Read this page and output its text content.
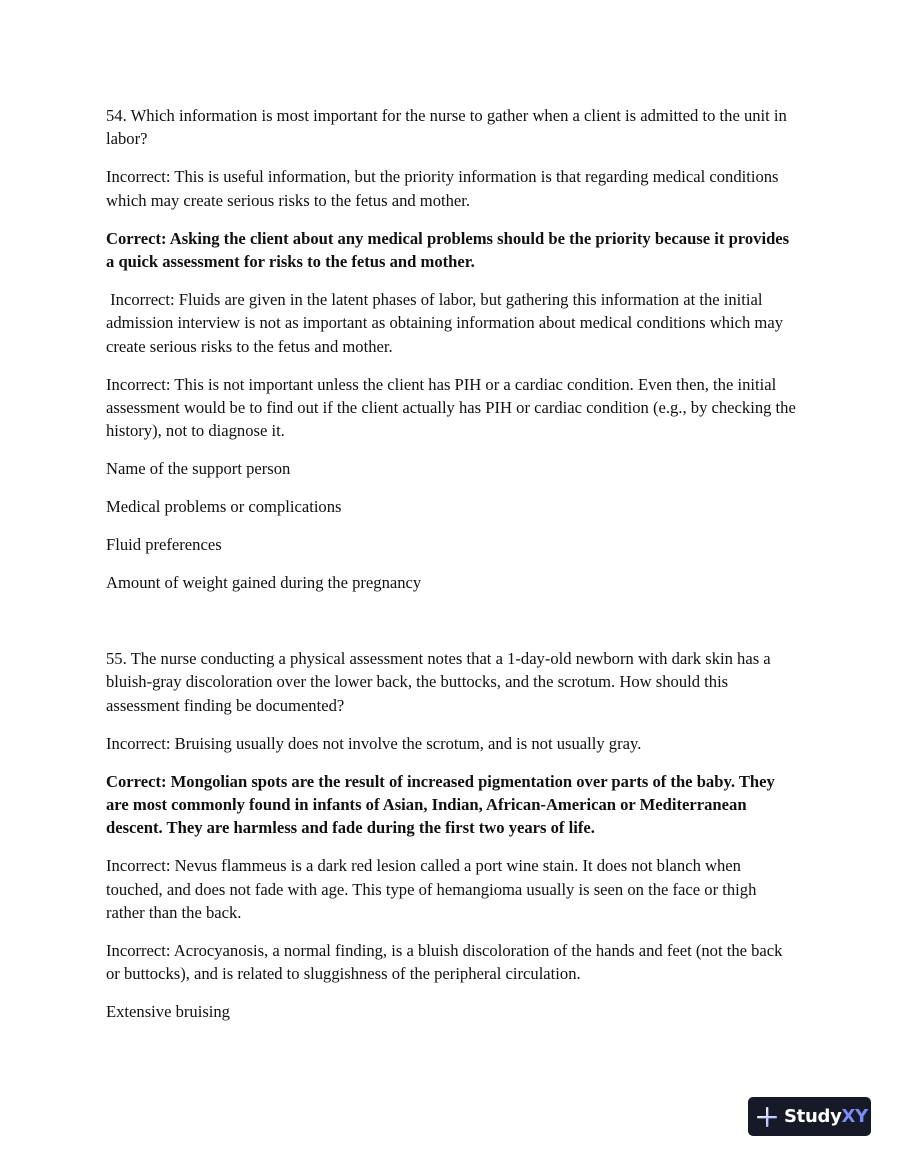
54. Which information is most important for the nurse to gather when a client is admitted to the unit in labor?

Incorrect: This is useful information, but the priority information is that regarding medical conditions which may create serious risks to the fetus and mother.

Correct: Asking the client about any medical problems should be the priority because it provides a quick assessment for risks to the fetus and mother.

Incorrect: Fluids are given in the latent phases of labor, but gathering this information at the initial admission interview is not as important as obtaining information about medical conditions which may create serious risks to the fetus and mother.

Incorrect: This is not important unless the client has PIH or a cardiac condition. Even then, the initial assessment would be to find out if the client actually has PIH or cardiac condition (e.g., by checking the history), not to diagnose it.

Name of the support person

Medical problems or complications

Fluid preferences

Amount of weight gained during the pregnancy

55. The nurse conducting a physical assessment notes that a 1-day-old newborn with dark skin has a bluish-gray discoloration over the lower back, the buttocks, and the scrotum. How should this assessment finding be documented?

Incorrect: Bruising usually does not involve the scrotum, and is not usually gray.

Correct: Mongolian spots are the result of increased pigmentation over parts of the baby. They are most commonly found in infants of Asian, Indian, African-American or Mediterranean descent. They are harmless and fade during the first two years of life.

Incorrect: Nevus flammeus is a dark red lesion called a port wine stain. It does not blanch when touched, and does not fade with age. This type of hemangioma usually is seen on the face or thigh rather than the back.

Incorrect: Acrocyanosis, a normal finding, is a bluish discoloration of the hands and feet (not the back or buttocks), and is related to sluggishness of the peripheral circulation.

Extensive bruising

StudyXY
